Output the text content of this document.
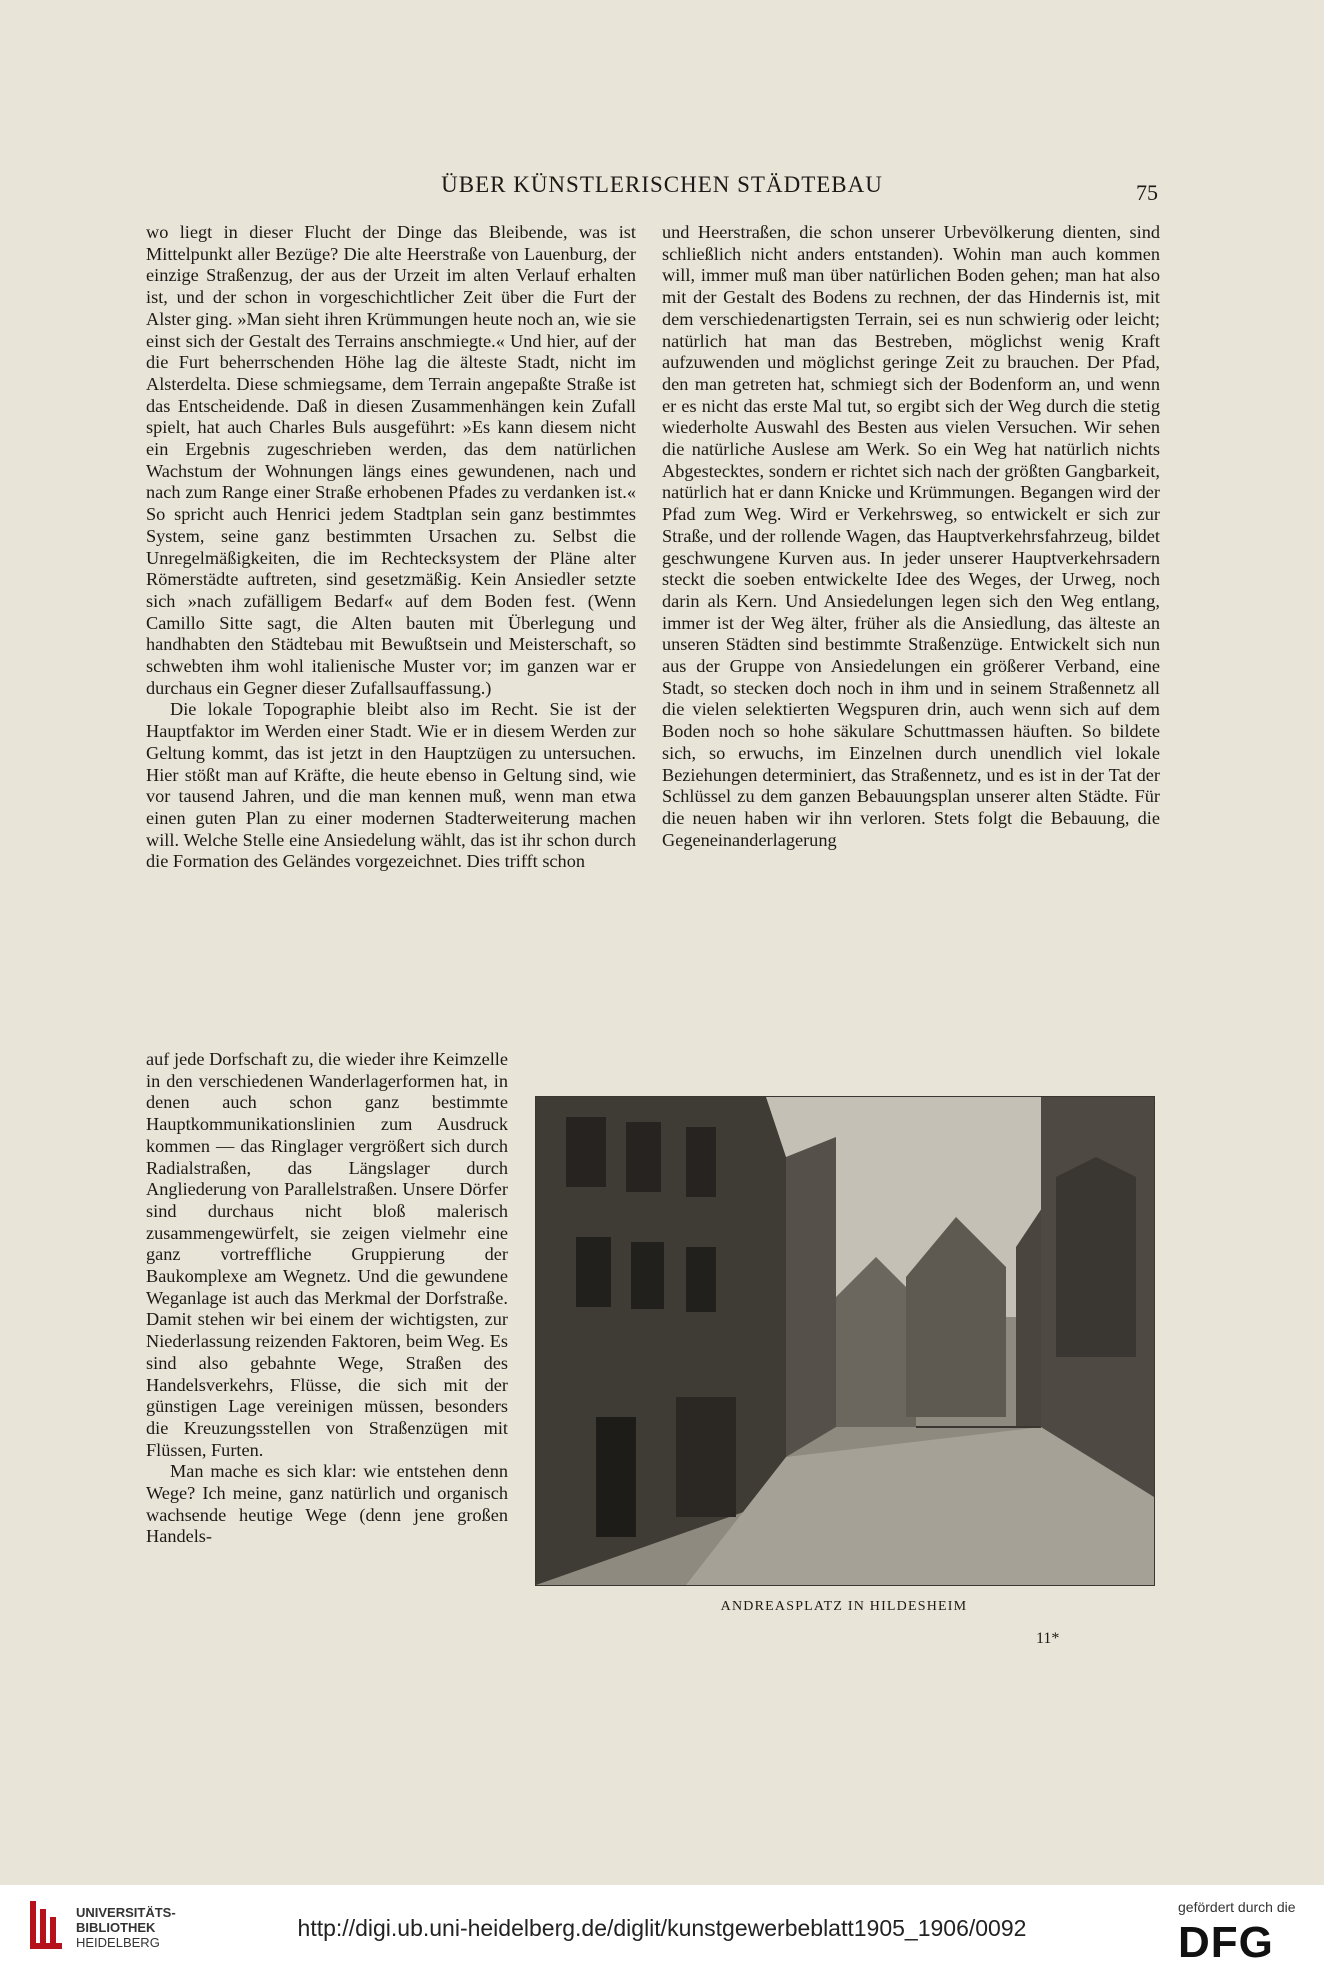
ÜBER KÜNSTLERISCHEN STÄDTEBAU	75

wo liegt in dieser Flucht der Dinge das Bleibende, was ist Mittelpunkt aller Bezüge? Die alte Heerstraße von Lauenburg, der einzige Straßenzug, der aus der Urzeit im alten Verlauf erhalten ist, und der schon in vorgeschichtlicher Zeit über die Furt der Alster ging. »Man sieht ihren Krümmungen heute noch an, wie sie einst sich der Gestalt des Terrains anschmiegte.« Und hier, auf der die Furt beherrschenden Höhe lag die älteste Stadt, nicht im Alsterdelta. Diese schmiegsame, dem Terrain angepaßte Straße ist das Entscheidende. Daß in diesen Zusammenhängen kein Zufall spielt, hat auch Charles Buls ausgeführt: »Es kann diesem nicht ein Ergebnis zugeschrieben werden, das dem natürlichen Wachstum der Wohnungen längs eines gewundenen, nach und nach zum Range einer Straße erhobenen Pfades zu verdanken ist.« So spricht auch Henrici jedem Stadtplan sein ganz bestimmtes System, seine ganz bestimmten Ursachen zu. Selbst die Unregelmäßigkeiten, die im Rechtecksystem der Pläne alter Römerstädte auftreten, sind gesetzmäßig. Kein Ansiedler setzte sich »nach zufälligem Bedarf« auf dem Boden fest. (Wenn Camillo Sitte sagt, die Alten bauten mit Überlegung und handhabten den Städtebau mit Bewußtsein und Meisterschaft, so schwebten ihm wohl italienische Muster vor; im ganzen war er durchaus ein Gegner dieser Zufallsauffassung.)

Die lokale Topographie bleibt also im Recht. Sie ist der Hauptfaktor im Werden einer Stadt. Wie er in diesem Werden zur Geltung kommt, das ist jetzt in den Hauptzügen zu untersuchen. Hier stößt man auf Kräfte, die heute ebenso in Geltung sind, wie vor tausend Jahren, und die man kennen muß, wenn man etwa einen guten Plan zu einer modernen Stadterweiterung machen will. Welche Stelle eine Ansiedelung wählt, das ist ihr schon durch die Formation des Geländes vorgezeichnet. Dies trifft schon

auf jede Dorfschaft zu, die wieder ihre Keimzelle in den verschiedenen Wanderlagerformen hat, in denen auch schon ganz bestimmte Hauptkommunikationslinien zum Ausdruck kommen — das Ringlager vergrößert sich durch Radialstraßen, das Längslager durch Angliederung von Parallelstraßen. Unsere Dörfer sind durchaus nicht bloß malerisch zusammengewürfelt, sie zeigen vielmehr eine ganz vortreffliche Gruppierung der Baukomplexe am Wegnetz. Und die gewundene Weganlage ist auch das Merkmal der Dorfstraße. Damit stehen wir bei einem der wichtigsten, zur Niederlassung reizenden Faktoren, beim Weg. Es sind also gebahnte Wege, Straßen des Handelsverkehrs, Flüsse, die sich mit der günstigen Lage vereinigen müssen, besonders die Kreuzungsstellen von Straßenzügen mit Flüssen, Furten.

Man mache es sich klar: wie entstehen denn Wege? Ich meine, ganz natürlich und organisch wachsende heutige Wege (denn jene großen Handels-

und Heerstraßen, die schon unserer Urbevölkerung dienten, sind schließlich nicht anders entstanden). Wohin man auch kommen will, immer muß man über natürlichen Boden gehen; man hat also mit der Gestalt des Bodens zu rechnen, der das Hindernis ist, mit dem verschiedenartigsten Terrain, sei es nun schwierig oder leicht; natürlich hat man das Bestreben, möglichst wenig Kraft aufzuwenden und möglichst geringe Zeit zu brauchen. Der Pfad, den man getreten hat, schmiegt sich der Bodenform an, und wenn er es nicht das erste Mal tut, so ergibt sich der Weg durch die stetig wiederholte Auswahl des Besten aus vielen Versuchen. Wir sehen die natürliche Auslese am Werk. So ein Weg hat natürlich nichts Abgestecktes, sondern er richtet sich nach der größten Gangbarkeit, natürlich hat er dann Knicke und Krümmungen. Begangen wird der Pfad zum Weg. Wird er Verkehrsweg, so entwickelt er sich zur Straße, und der rollende Wagen, das Hauptverkehrsfahrzeug, bildet geschwungene Kurven aus. In jeder unserer Hauptverkehrsadern steckt die soeben entwickelte Idee des Weges, der Urweg, noch darin als Kern. Und Ansiedelungen legen sich den Weg entlang, immer ist der Weg älter, früher als die Ansiedlung, das älteste an unseren Städten sind bestimmte Straßenzüge. Entwickelt sich nun aus der Gruppe von Ansiedelungen ein größerer Verband, eine Stadt, so stecken doch noch in ihm und in seinem Straßennetz all die vielen selektierten Wegspuren drin, auch wenn sich auf dem Boden noch so hohe säkulare Schuttmassen häuften. So bildete sich, so erwuchs, im Einzelnen durch unendlich viel lokale Beziehungen determiniert, das Straßennetz, und es ist in der Tat der Schlüssel zu dem ganzen Bebauungsplan unserer alten Städte. Für die neuen haben wir ihn verloren. Stets folgt die Bebauung, die Gegeneinanderlagerung

ANDREASPLATZ IN HILDESHEIM
11*
UNIVERSITÄTS-
BIBLIOTHEK
HEIDELBERG
http://digi.ub.uni-heidelberg.de/diglit/kunstgewerbeblatt1905_1906/0092
gefördert durch die
DFG
